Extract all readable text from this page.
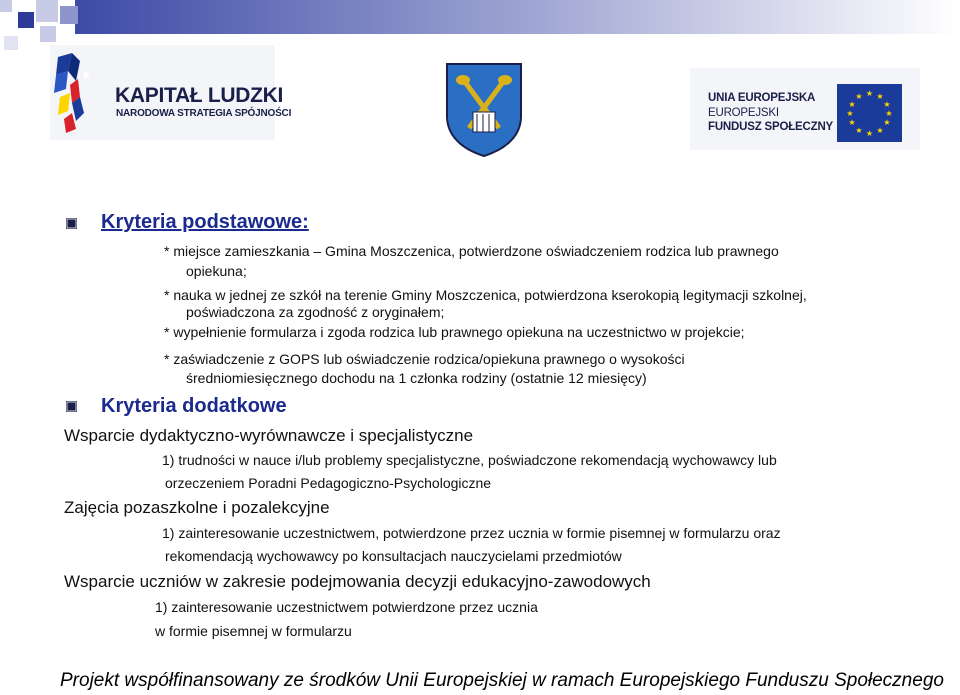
KAPITAŁ LUDZKI
NARODOWA STRATEGIA SPÓJNOŚCI
UNIA EUROPEJSKA
EUROPEJSKI
FUNDUSZ SPOŁECZNY
★ ★
★
★
★
★
★
★
★
★
★
★
Kryteria podstawowe:
* miejsce zamieszkania – Gmina Moszczenica, potwierdzone oświadczeniem rodzica lub prawnego
opiekuna;
* nauka w jednej ze szkół na terenie Gminy Moszczenica, potwierdzona kserokopią legitymacji szkolnej,
poświadczona za zgodność z oryginałem;
* wypełnienie formularza i zgoda rodzica lub prawnego opiekuna na uczestnictwo w projekcie;
* zaświadczenie z GOPS lub oświadczenie rodzica/opiekuna prawnego o wysokości
średniomiesięcznego dochodu na 1 członka rodziny (ostatnie 12 miesięcy)
Kryteria dodatkowe
Wsparcie dydaktyczno-wyrównawcze i specjalistyczne
1) trudności w nauce i/lub problemy specjalistyczne, poświadczone rekomendacją wychowawcy lub
orzeczeniem Poradni Pedagogiczno-Psychologiczne
Zajęcia pozaszkolne i pozalekcyjne
1) zainteresowanie uczestnictwem, potwierdzone przez ucznia w formie pisemnej w formularzu oraz
rekomendacją wychowawcy po konsultacjach nauczycielami przedmiotów
Wsparcie uczniów w zakresie podejmowania decyzji edukacyjno-zawodowych
1) zainteresowanie uczestnictwem potwierdzone przez ucznia
w formie pisemnej w formularzu
Projekt współfinansowany ze środków Unii Europejskiej w ramach Europejskiego Funduszu Społecznego
